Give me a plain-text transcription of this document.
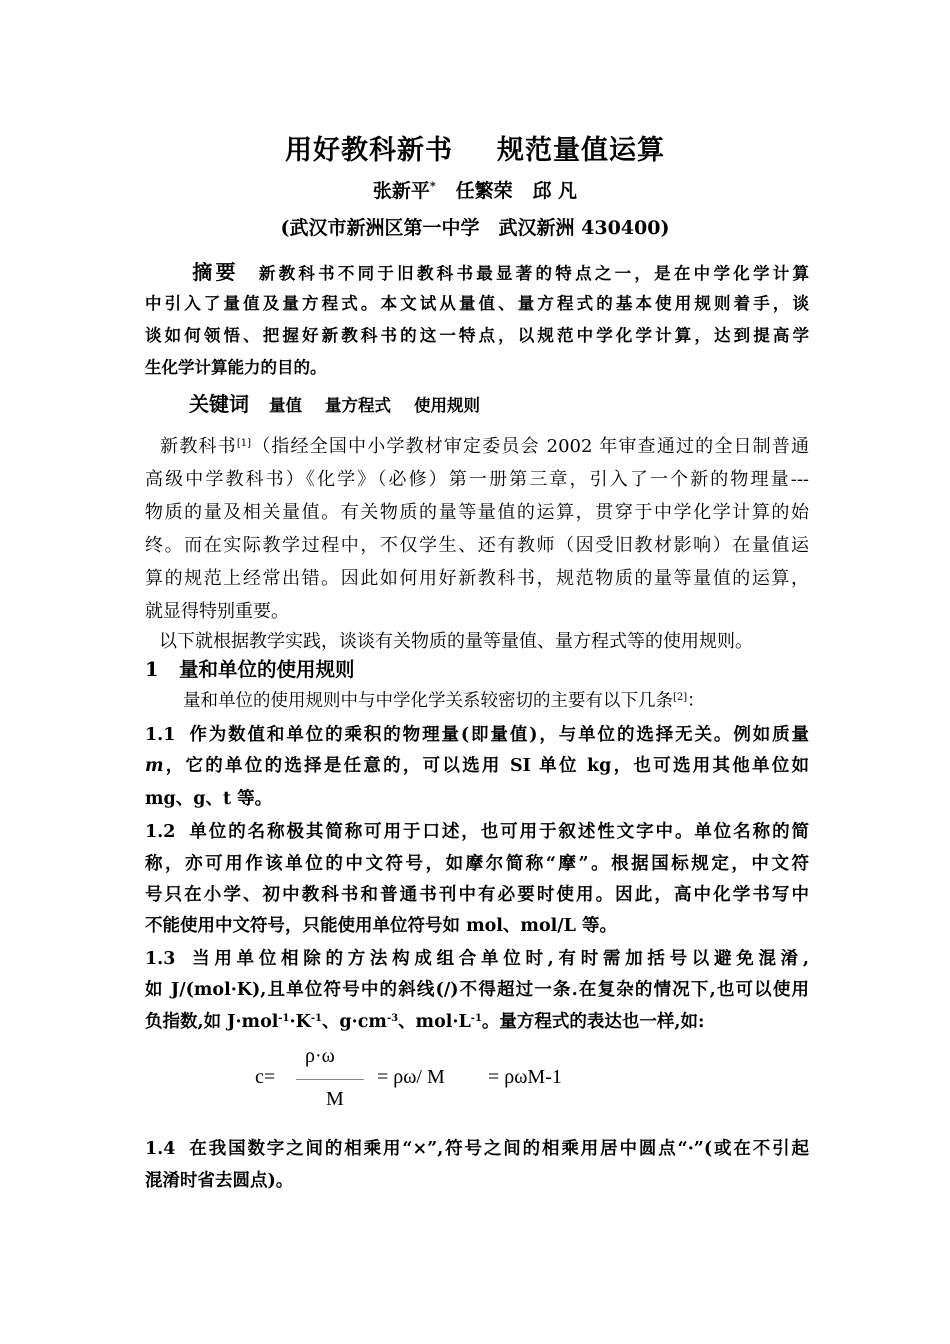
用好教科新书 规范量值运算
张新平* 任繁荣 邱 凡
(武汉市新洲区第一中学　武汉新洲 430400)
摘要 新教科书不同于旧教科书最显著的特点之一，是在中学化学计算
中引入了量值及量方程式。本文试从量值、量方程式的基本使用规则着手，谈
谈如何领悟、把握好新教科书的这一特点，以规范中学化学计算，达到提高学
生化学计算能力的目的。
关键词 量值 量方程式 使用规则
新教科书[1]（指经全国中小学教材审定委员会 2002 年审查通过的全日制普通
高级中学教科书）《化学》（必修）第一册第三章，引入了一个新的物理量---
物质的量及相关量值。有关物质的量等量值的运算，贯穿于中学化学计算的始
终。而在实际教学过程中，不仅学生、还有教师（因受旧教材影响）在量值运
算的规范上经常出错。因此如何用好新教科书，规范物质的量等量值的运算，
就显得特别重要。
以下就根据教学实践，谈谈有关物质的量等量值、量方程式等的使用规则。
1 量和单位的使用规则
量和单位的使用规则中与中学化学关系较密切的主要有以下几条[2]：
1.1 作为数值和单位的乘积的物理量(即量值)，与单位的选择无关。例如质量
m，它的单位的选择是任意的，可以选用 SI 单位 kg，也可选用其他单位如
mg、g、t 等。
1.2 单位的名称极其简称可用于口述，也可用于叙述性文字中。单位名称的简
称，亦可用作该单位的中文符号，如摩尔简称“摩”。根据国标规定，中文符
号只在小学、初中教科书和普通书刊中有必要时使用。因此，高中化学书写中
不能使用中文符号，只能使用单位符号如 mol、mol/L 等。
1.3 当用单位相除的方法构成组合单位时,有时需加括号以避免混淆,
如 J/(mol·K),且单位符号中的斜线(/)不得超过一条.在复杂的情况下,也可以使用
负指数,如 $J\cdot mol^{-1}\cdot K^{-1}$、$g\cdot cm^{-3}$、$mol\cdot L^{-1}$。量方程式的表达也一样,如:
ρ·ω
c=
M
= ρω/ M = ρωM-1
1.4 在我国数字之间的相乘用“×”,符号之间的相乘用居中圆点“·”(或在不引起
混淆时省去圆点)。
